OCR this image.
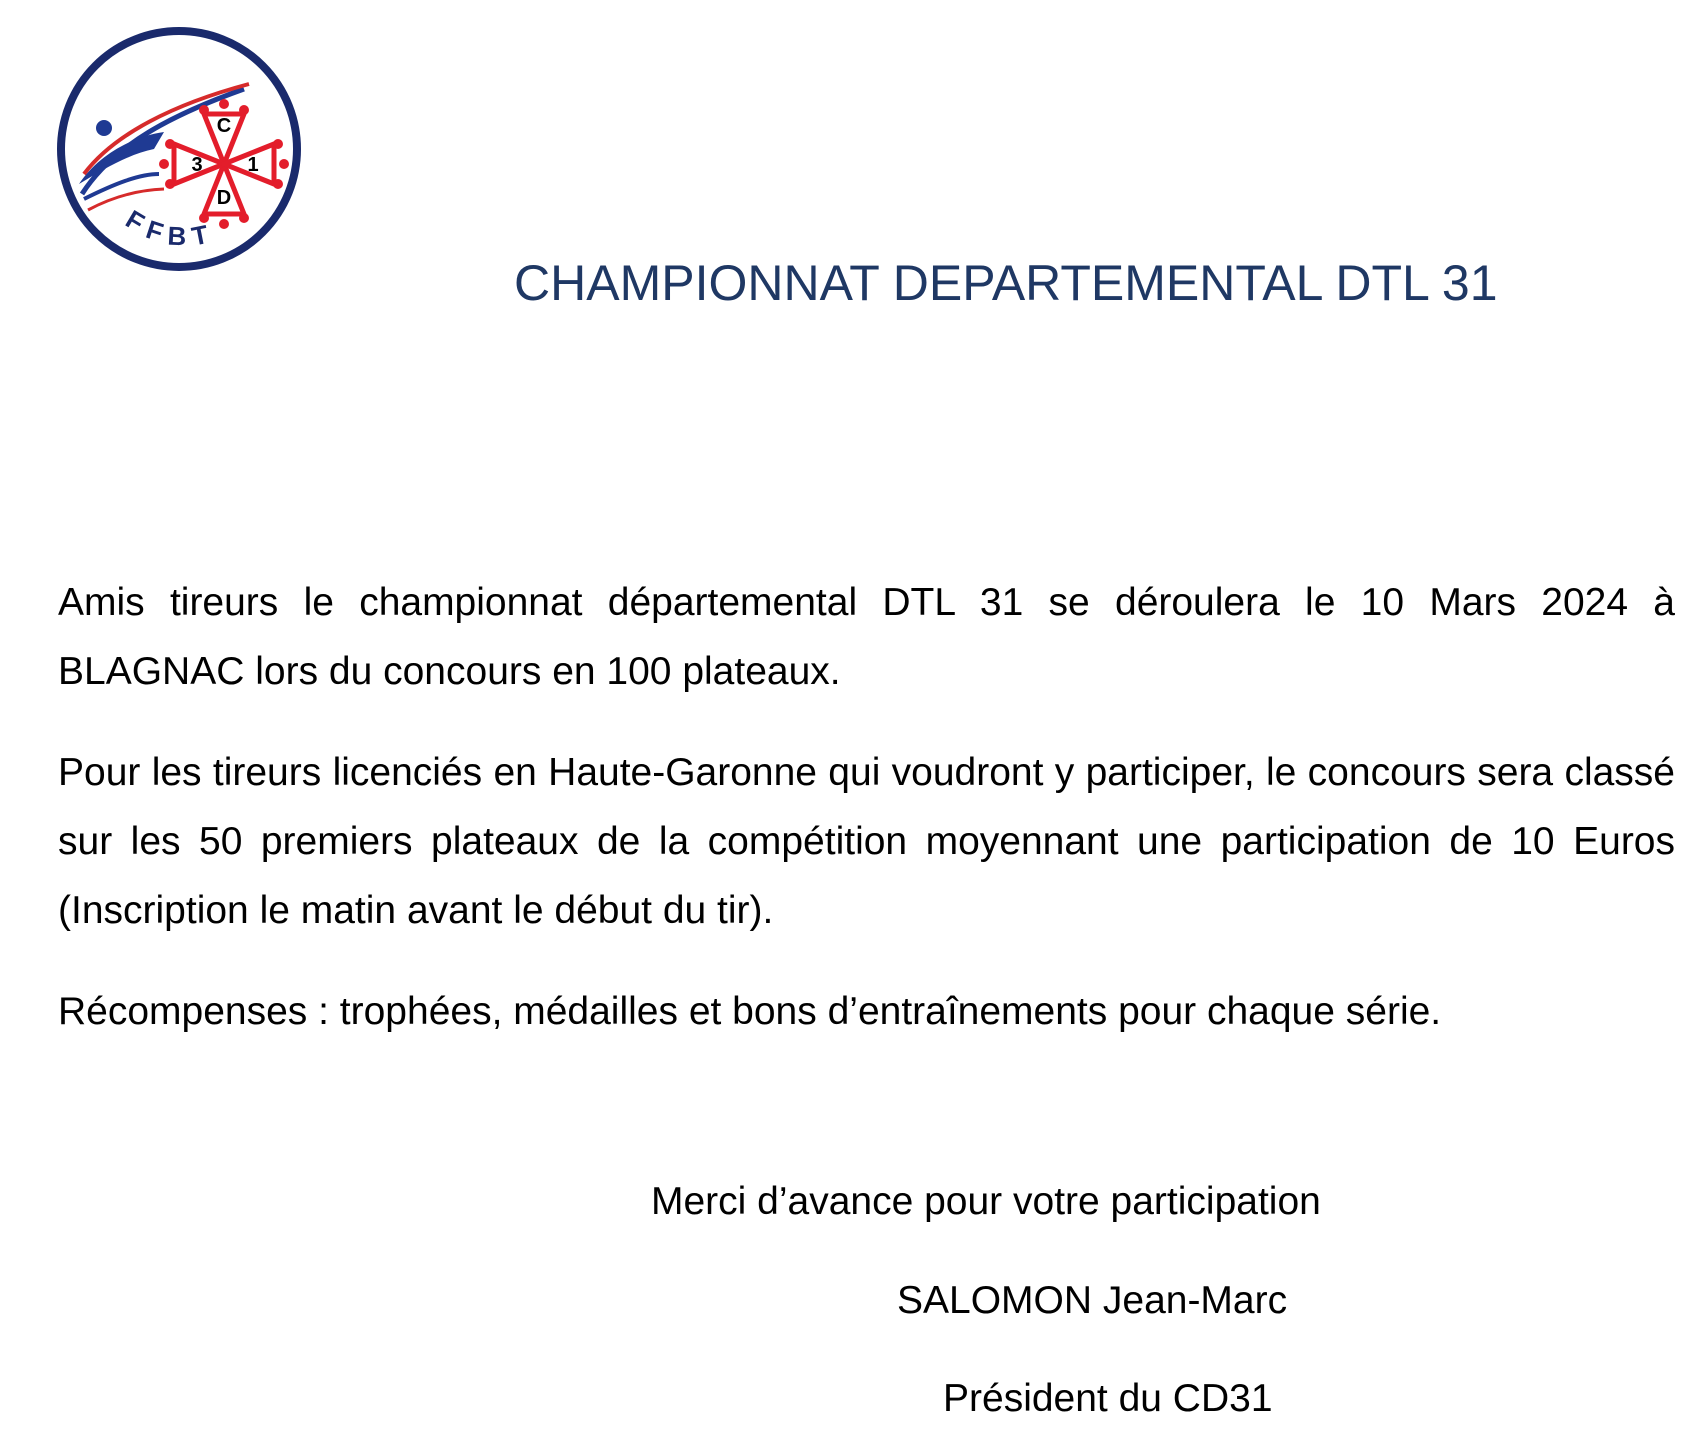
C
3 1
D
FFBT
CHAMPIONNAT DEPARTEMENTAL DTL 31

Amis tireurs le championnat départemental DTL 31 se déroulera le 10 Mars 2024 à BLAGNAC lors du concours en 100 plateaux.

Pour les tireurs licenciés en Haute-Garonne qui voudront y participer, le concours sera classé sur les 50 premiers plateaux de la compétition moyennant une participation de 10 Euros (Inscription le matin avant le début du tir).

Récompenses : trophées, médailles et bons d’entraînements pour chaque série.

Merci d’avance pour votre participation
SALOMON Jean-Marc
Président du CD31
